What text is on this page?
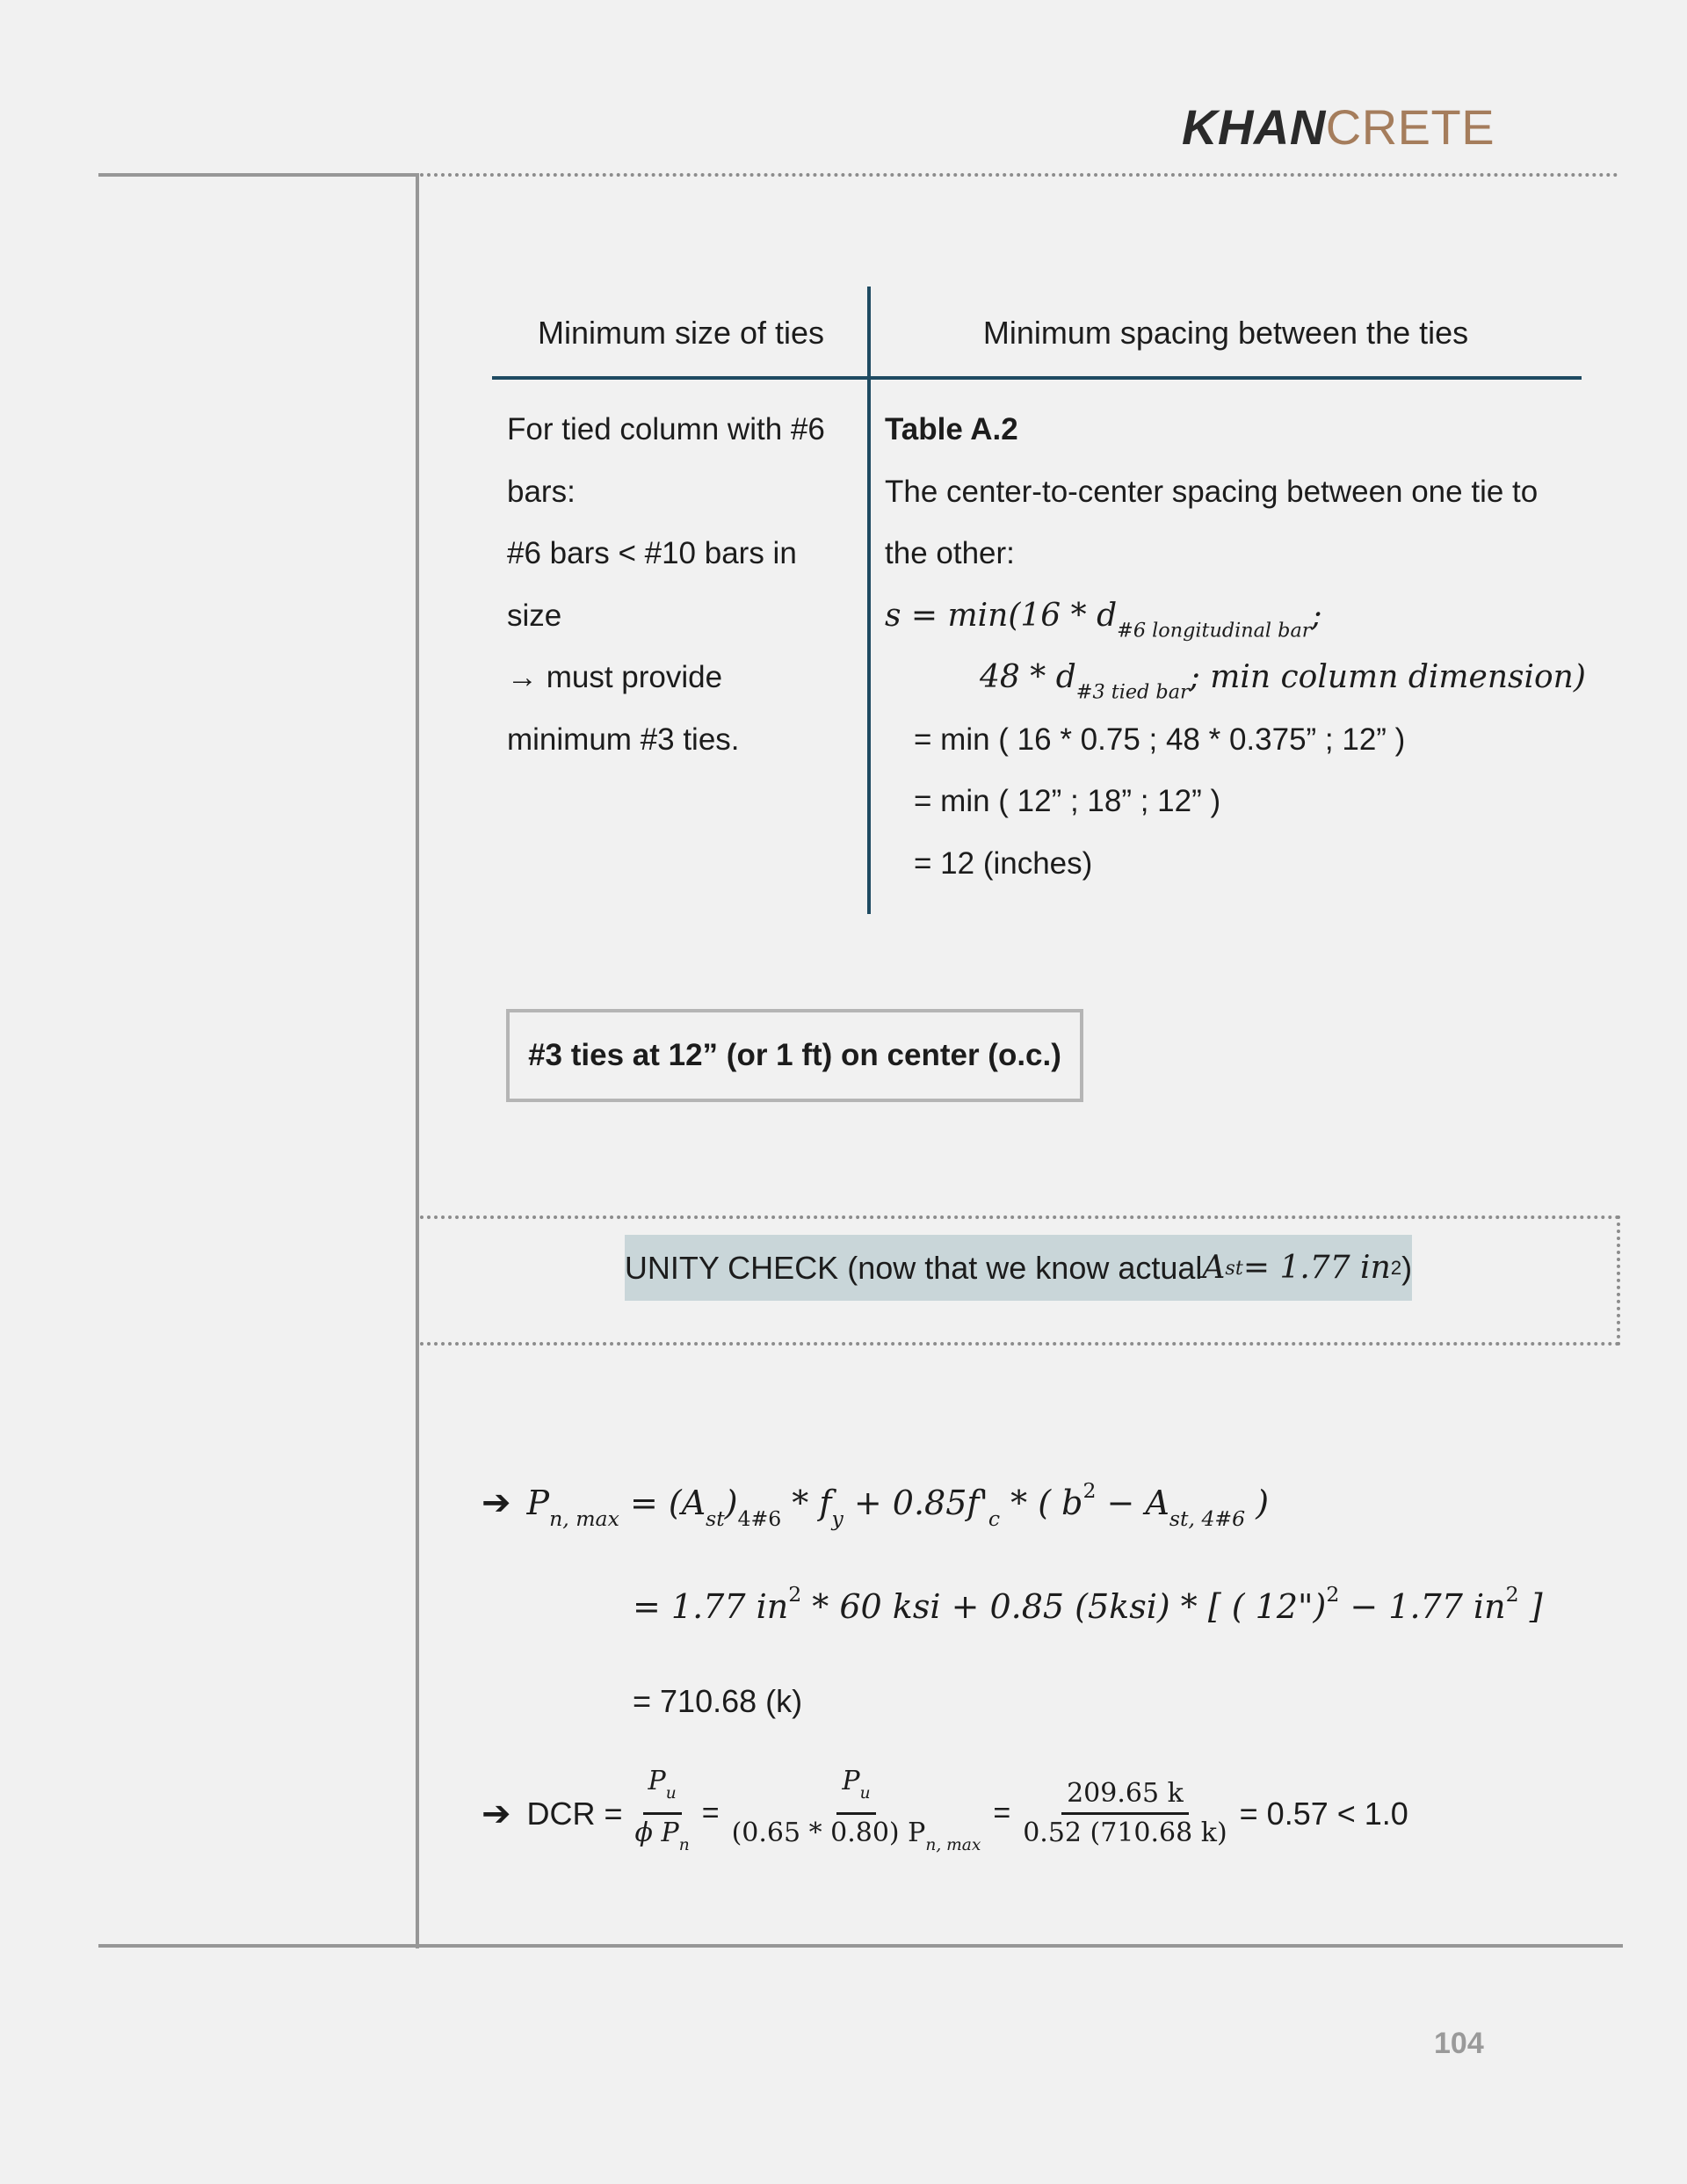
KHANCRETE
Minimum size of ties	Minimum spacing between the ties
For tied column with #6
bars:
#6 bars < #10 bars in
size
→ must provide
minimum #3 ties.
Table A.2
The center-to-center spacing between one tie to
the other:
$s = \min(16 * d_{\#6 longitudinal bar}$;
$48 * d_{\#3 tied bar}$; min column dimension)
= min ( 16 * 0.75 ; 48 * 0.375” ; 12” )
= min ( 12” ; 18” ; 12” )
= 12 (inches)
#3 ties at 12” (or 1 ft) on center (o.c.)
UNITY CHECK (now that we know actual A st = 1.77 in 2 )
➔ $P_{n, max} = (A_{st})_{4\#6} * f_y + 0.85f'_c$ * ( $b^2 - A_{st, 4\#6}$ )
= 1.77 $in^2 * 60$ ksi + 0.85 (5ksi) * [ ( 12")$^2$ − 1.77 $in^2$ ]
= 710.68 (k)
➔ DCR = $\frac{P_u}{\phi P_n} = \frac{P_u}{(0.65 * 0.80) P_{n, max}} = \frac{209.65 k}{0.52 (710.68 k)} = 0.57 < 1.0$
104
